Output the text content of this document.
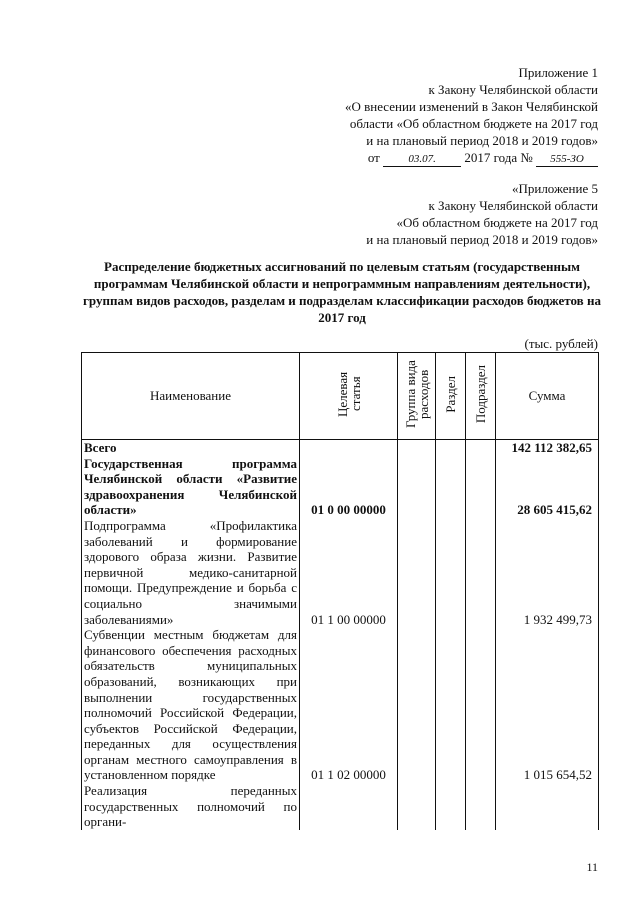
Приложение 1
к Закону Челябинской области
«О внесении изменений в Закон Челябинской
области «Об областном бюджете на 2017 год
и на плановый период 2018 и 2019 годов»
от	03.07. 2017 года № 555-ЗО
«Приложение 5
к Закону Челябинской области
«Об областном бюджете на 2017 год
и на плановый период 2018 и 2019 годов»
Распределение бюджетных ассигнований по целевым статьям (государственным программам Челябинской области и непрограммным направлениям деятельности), группам видов расходов, разделам и подразделам классификации расходов бюджетов на 2017 год
(тыс. рублей)
Наименование	Целевая статья	Группа вида расходов	Раздел	Подраздел	Сумма
Всего					142 112 382,65
Государственная программа Челябинской области «Развитие здравоохранения Челябинской области»	01 0 00 00000				28 605 415,62
Подпрограмма «Профилактика заболеваний и формирование здорового образа жизни. Развитие первичной медико-санитарной помощи. Предупреждение и борьба с социально значимыми заболеваниями»	01 1 00 00000				1 932 499,73
Субвенции местным бюджетам для финансового обеспечения расходных обязательств муниципальных образований, возникающих при выполнении государственных полномочий Российской Федерации, субъектов Российской Федерации, переданных для осуществления органам местного самоуправления в установленном порядке	01 1 02 00000				1 015 654,52
Реализация переданных государственных полномочий по органи-					
11
